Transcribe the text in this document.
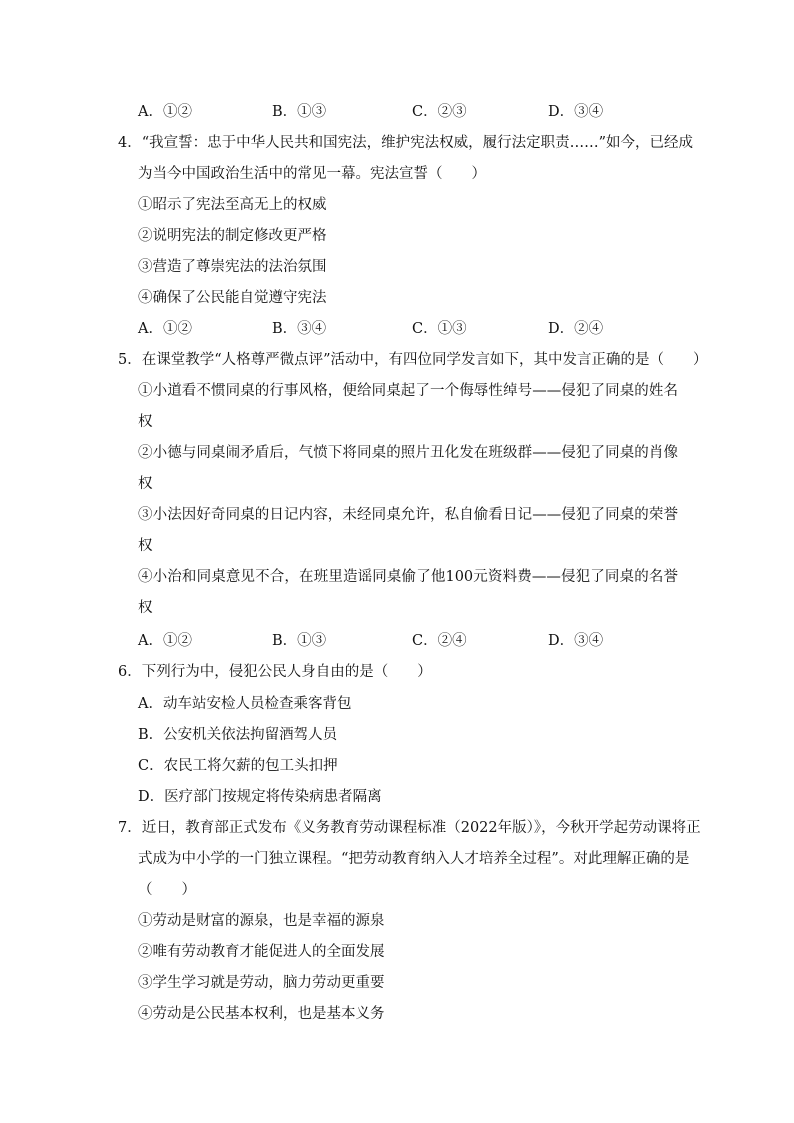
A．①②	B．①③	C．②③	D．③④
4．“我宣誓：忠于中华人民共和国宪法，维护宪法权威，履行法定职责……”如今，已经成
为当今中国政治生活中的常见一幕。宪法宣誓（　　）
①昭示了宪法至高无上的权威
②说明宪法的制定修改更严格
③营造了尊崇宪法的法治氛围
④确保了公民能自觉遵守宪法
A．①②	B．③④	C．①③	D．②④
5．在课堂教学“人格尊严微点评”活动中，有四位同学发言如下，其中发言正确的是（　　）
①小道看不惯同桌的行事风格，便给同桌起了一个侮辱性绰号——侵犯了同桌的姓名
权
②小德与同桌闹矛盾后，气愤下将同桌的照片丑化发在班级群——侵犯了同桌的肖像
权
③小法因好奇同桌的日记内容，未经同桌允许，私自偷看日记——侵犯了同桌的荣誉
权
④小治和同桌意见不合，在班里造谣同桌偷了他100元资料费——侵犯了同桌的名誉
权
A．①②	B．①③	C．②④	D．③④
6．下列行为中，侵犯公民人身自由的是（　　）
A．动车站安检人员检查乘客背包
B．公安机关依法拘留酒驾人员
C．农民工将欠薪的包工头扣押
D．医疗部门按规定将传染病患者隔离
7．近日，教育部正式发布《义务教育劳动课程标准（2022年版）》，今秋开学起劳动课将正
式成为中小学的一门独立课程。“把劳动教育纳入人才培养全过程”。对此理解正确的是
（　　）
①劳动是财富的源泉，也是幸福的源泉
②唯有劳动教育才能促进人的全面发展
③学生学习就是劳动，脑力劳动更重要
④劳动是公民基本权利，也是基本义务
